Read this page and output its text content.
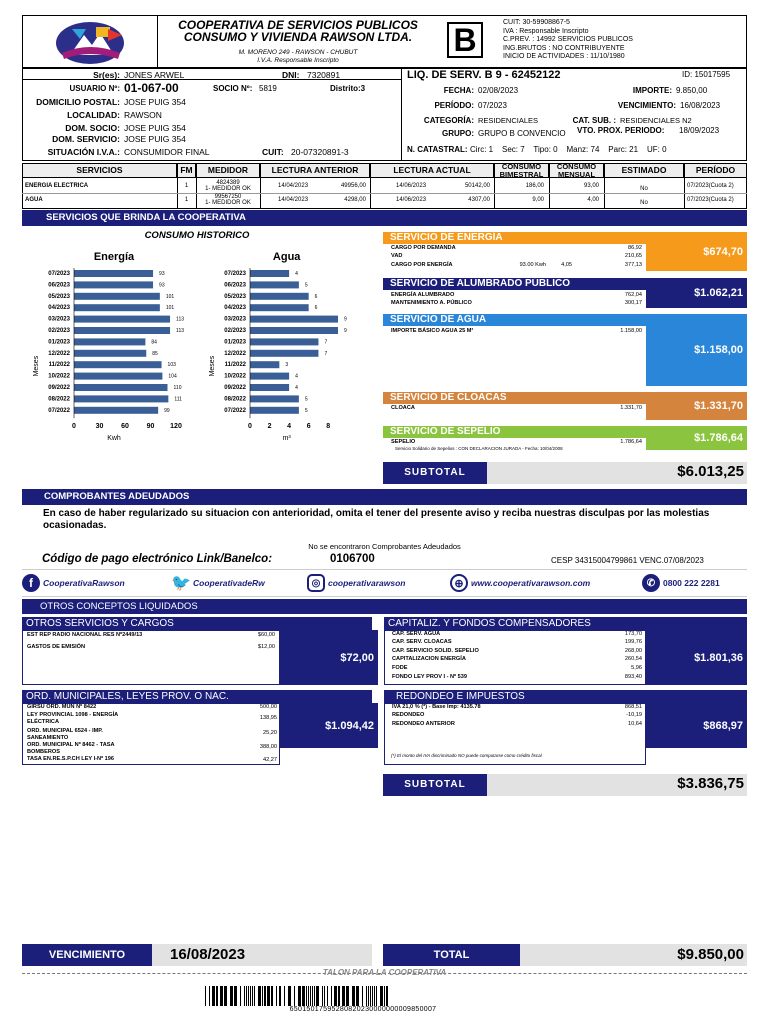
COOPERATIVA DE SERVICIOS PUBLICOS
CONSUMO Y VIVIENDA RAWSON LTDA.
M. MORENO 249 - RAWSON - CHUBUT
I.V.A. Responsable Inscripto
B	CUIT: 30-59908867-5
IVA : Responsable Inscripto
C.PREV. : 14992 SERVICIOS PUBLICOS
ING.BRUTOS : NO CONTRIBUYENTE
INICIO DE ACTIVIDADES : 11/10/1980
Sr(es): JONES ARWEL	DNI: 7320891
USUARIO Nº: 01-067-00	SOCIO Nº: 5819	Distrito:3
DOMICILIO POSTAL: JOSE PUIG 354
LOCALIDAD: RAWSON
DOM. SOCIO: JOSE PUIG 354
DOM. SERVICIO: JOSE PUIG 354
SITUACIÓN I.V.A.: CONSUMIDOR FINAL	CUIT: 20-07320891-3
LIQ. DE SERV. B 9 - 62452122	ID: 15017595
FECHA: 02/08/2023	IMPORTE: 9.850,00
PERÍODO: 07/2023	VENCIMIENTO: 16/08/2023
CATEGORÍA: RESIDENCIALES	CAT. SUB. : RESIDENCIALES N2
GRUPO: GRUPO B CONVENCIO VTO. PROX. PERIODO: 18/09/2023
N. CATASTRAL: Circ: 1    Sec: 7    Tipo: 0    Manz: 74    Parc: 21    UF: 0
SERVICIOS	FM	MEDIDOR	LECTURA ANTERIOR	LECTURA ACTUAL	CONSUMO BIMESTRAL
CONSUMO MENSUAL	ESTIMADO	PERÍODO
ENERGIA ELECTRICA	1	4824389
1- MEDIDOR OK	14/04/2023	49956,00	14/06/2023	50142,00	186,00	93,00	No	07/2023(Cuota 2)
AGUA	1	99567250
1- MEDIDOR OK	14/04/2023	4298,00	14/06/2023	4307,00	9,00	4,00	No	07/2023(Cuota 2)
SERVICIOS QUE BRINDA LA COOPERATIVA
CONSUMO HISTORICO
Energía
07/2023	93
06/2023	93
05/2023	101
04/2023	101
03/2023	113
02/2023	113
01/2023	84
12/2022	85
11/2022	103
10/2022	104
09/2022	110
08/2022	111
07/2022	99
0	30	60	90 120
Kwh
Meses
Agua
07/2023	4
06/2023	5
05/2023	6
04/2023	6
03/2023	9
02/2023	9
01/2023	7
12/2022	7
11/2022	3
10/2022	4
09/2022	4
08/2022	5
07/2022	5
0 2 4 6 8
m³
Meses
SERVICIO DE ENERGÍA
$674,70
CARGO POR DEMANDA	86,92
VAD	210,65
CARGO POR ENERGÍA	93.00 Kwh	4,05	377,13
SERVICIO DE ALUMBRADO PÚBLICO
$1.062,21
ENERGÍA ALUMBRADO	762,04
MANTENIMIENTO A. PÚBLICO	300,17
SERVICIO DE AGUA
$1.158,00
IMPORTE BÁSICO AGUA 25 M³	1.158,00
SERVICIO DE CLOACAS
$1.331,70
CLOACA	1.331,70
SERVICIO DE SEPELIO
$1.786,64
SEPELIO	1.786,64
Servicio Solidario de Sepelios : CON DECLARACION JURADA - Fecha: 10/04/2008
SUBTOTAL	$6.013,25
COMPROBANTES ADEUDADOS
En caso de haber regularizado su situacion con anterioridad, omita el tener del presente aviso y reciba nuestras disculpas por las molestias ocasionadas.
No se encontraron Comprobantes Adeudados
Código de pago electrónico Link/Banelco:	0106700	CESP 34315004799861 VENC.07/08/2023
f	CooperativaRawson	🐦 CooperativadeRw	◎ cooperativarawson	⊕ www.cooperativarawson.com	✆ 0800 222 2281
OTROS CONCEPTOS LIQUIDADOS
OTROS SERVICIOS Y CARGOS
$72,00
EST REP RADIO NACIONAL RES Nº2449/13	$60,00
GASTOS DE EMISIÓN	$12,00
CAPITALIZ. Y FONDOS COMPENSADORES
$1.801,36
CAP. SERV. AGUA	173,70
CAP. SERV. CLOACAS	199,76
CAP. SERVICIO SOLID. SEPELIO	268,00
CAPITALIZACION ENERGÍA	260,54
FODE	5,96
FONDO LEY PROV I - Nº 539	893,40
ORD. MUNICIPALES, LEYES PROV. O NAC.
$1.094,42
GIRSU ORD. MUN Nº 8422	500,00
LEY PROVINCIAL 1098 - ENERGÍA ELÉCTRICA
138,95
ORD. MUNICIPAL 6524 - IMP. SANEAMIENTO
25,20
ORD. MUNICIPAL Nº 8462 - TASA BOMBEROS
388,00
TASA EN.RE.S.P.CH LEY I-Nº 196	42,27
REDONDEO E IMPUESTOS
$868,97
IVA 21,0 % (*) - Base Imp: 4135.78	868,51
REDONDEO	-10,19
REDONDEO ANTERIOR	10,64
(*) El monto del IVA discriminado NO puede computarse como crédito fiscal
SUBTOTAL	$3.836,75
VENCIMIENTO	16/08/2023	TOTAL	$9.850,00
TALON PARA LA COOPERATIVA
65015017595280820230000000009850007
